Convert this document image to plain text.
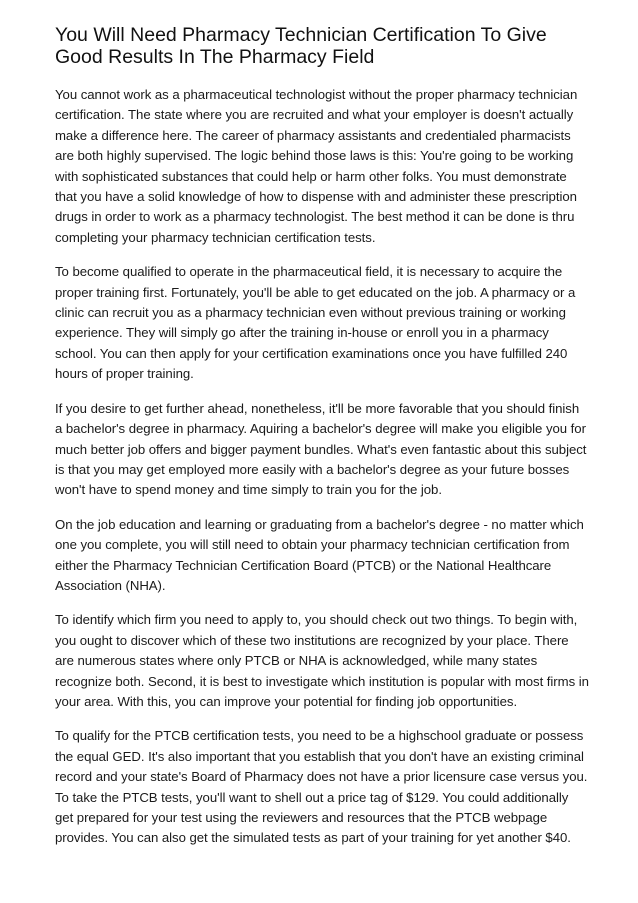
You Will Need Pharmacy Technician Certification To Give Good Results In The Pharmacy Field

You cannot work as a pharmaceutical technologist without the proper pharmacy technician certification. The state where you are recruited and what your employer is doesn't actually make a difference here. The career of pharmacy assistants and credentialed pharmacists are both highly supervised. The logic behind those laws is this: You're going to be working with sophisticated substances that could help or harm other folks. You must demonstrate that you have a solid knowledge of how to dispense with and administer these prescription drugs in order to work as a pharmacy technologist. The best method it can be done is thru completing your pharmacy technician certification tests.

To become qualified to operate in the pharmaceutical field, it is necessary to acquire the proper training first. Fortunately, you'll be able to get educated on the job. A pharmacy or a clinic can recruit you as a pharmacy technician even without previous training or working experience. They will simply go after the training in-house or enroll you in a pharmacy school. You can then apply for your certification examinations once you have fulfilled 240 hours of proper training.

If you desire to get further ahead, nonetheless, it'll be more favorable that you should finish a bachelor's degree in pharmacy. Aquiring a bachelor's degree will make you eligible you for much better job offers and bigger payment bundles. What's even fantastic about this subject is that you may get employed more easily with a bachelor's degree as your future bosses won't have to spend money and time simply to train you for the job.

On the job education and learning or graduating from a bachelor's degree - no matter which one you complete, you will still need to obtain your pharmacy technician certification from either the Pharmacy Technician Certification Board (PTCB) or the National Healthcare Association (NHA).

To identify which firm you need to apply to, you should check out two things. To begin with, you ought to discover which of these two institutions are recognized by your place. There are numerous states where only PTCB or NHA is acknowledged, while many states recognize both. Second, it is best to investigate which institution is popular with most firms in your area. With this, you can improve your potential for finding job opportunities.

To qualify for the PTCB certification tests, you need to be a highschool graduate or possess the equal GED. It's also important that you establish that you don't have an existing criminal record and your state's Board of Pharmacy does not have a prior licensure case versus you. To take the PTCB tests, you'll want to shell out a price tag of $129. You could additionally get prepared for your test using the reviewers and resources that the PTCB webpage provides. You can also get the simulated tests as part of your training for yet another $40.
